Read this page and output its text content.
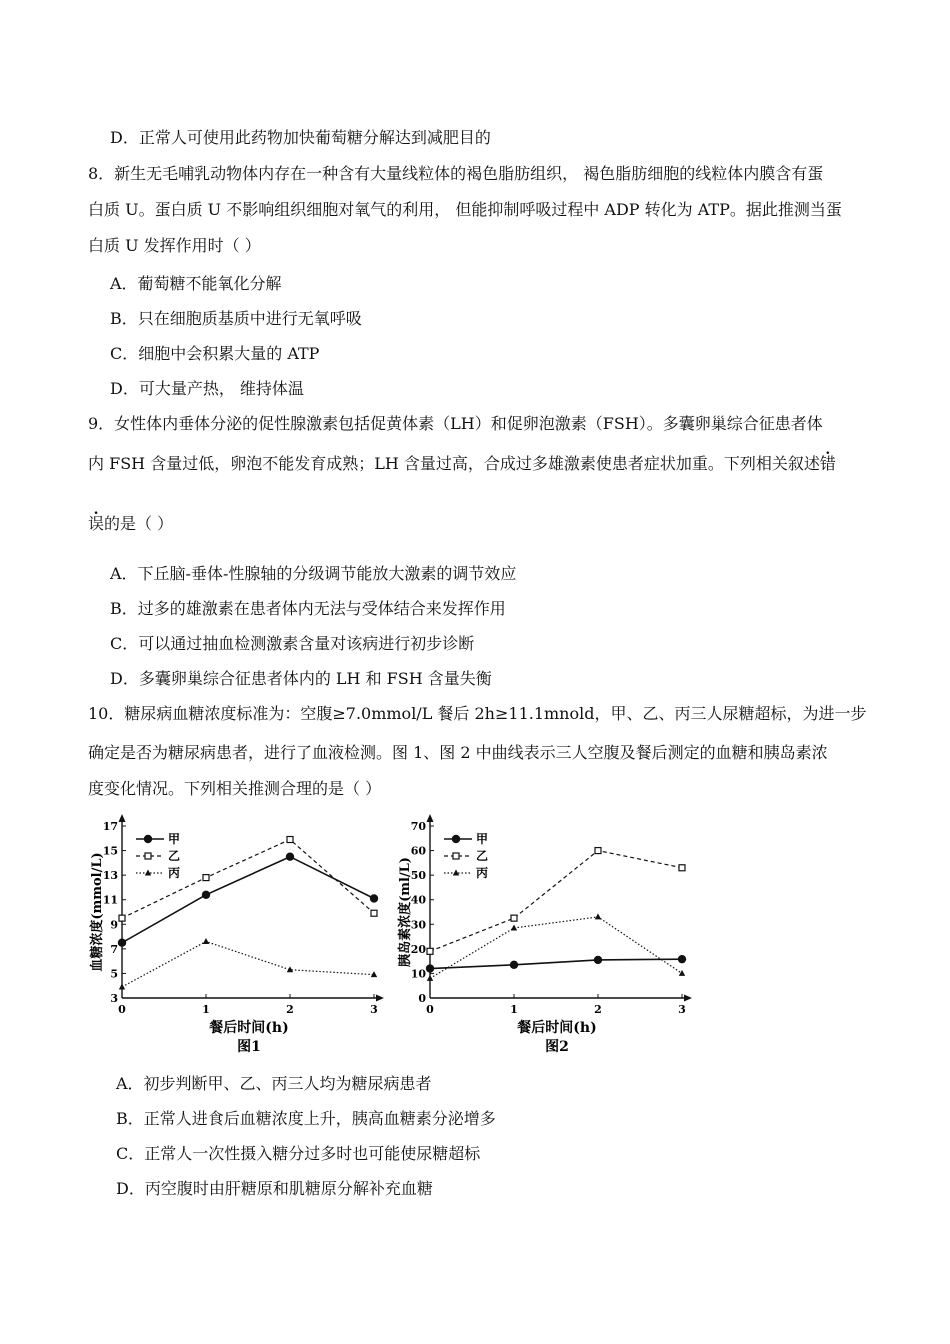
D．正常人可使用此药物加快葡萄糖分解达到减肥目的
8．新生无毛哺乳动物体内存在一种含有大量线粒体的褐色脂肪组织， 褐色脂肪细胞的线粒体内膜含有蛋
白质 U。蛋白质 U 不影响组织细胞对氧气的利用， 但能抑制呼吸过程中 ADP 转化为 ATP。据此推测当蛋
白质 U 发挥作用时（ ）
A．葡萄糖不能氧化分解
B．只在细胞质基质中进行无氧呼吸
C．细胞中会积累大量的 ATP
D．可大量产热， 维持体温
9．女性体内垂体分泌的促性腺激素包括促黄体素（LH）和促卵泡激素（FSH）。多囊卵巢综合征患者体
内 FSH 含量过低，卵泡不能发育成熟；LH 含量过高，合成过多雄激素使患者症状加重。下列相关叙述错
误的是（ ）
A．下丘脑-垂体-性腺轴的分级调节能放大激素的调节效应
B．过多的雄激素在患者体内无法与受体结合来发挥作用
C．可以通过抽血检测激素含量对该病进行初步诊断
D．多囊卵巢综合征患者体内的 LH 和 FSH 含量失衡
10．糖尿病血糖浓度标准为：空腹≥7.0mmol/L 餐后 2h≥11.1mnold，甲、乙、丙三人尿糖超标，为进一步
确定是否为糖尿病患者，进行了血液检测。图 1、图 2 中曲线表示三人空腹及餐后测定的血糖和胰岛素浓
度变化情况。下列相关推测合理的是（ ）
3
5
7
9
11
13
15
17
0	1	2	3
餐后时间(h)
图1
血糖浓度(mmol/L)
甲
乙
丙
0
10
20
30
40
50
60
70
0	1	2	3
餐后时间(h)
图2
胰岛素浓度(ml/L)
甲
乙
丙
A．初步判断甲、乙、丙三人均为糖尿病患者
B．正常人进食后血糖浓度上升，胰高血糖素分泌增多
C．正常人一次性摄入糖分过多时也可能使尿糖超标
D．丙空腹时由肝糖原和肌糖原分解补充血糖
